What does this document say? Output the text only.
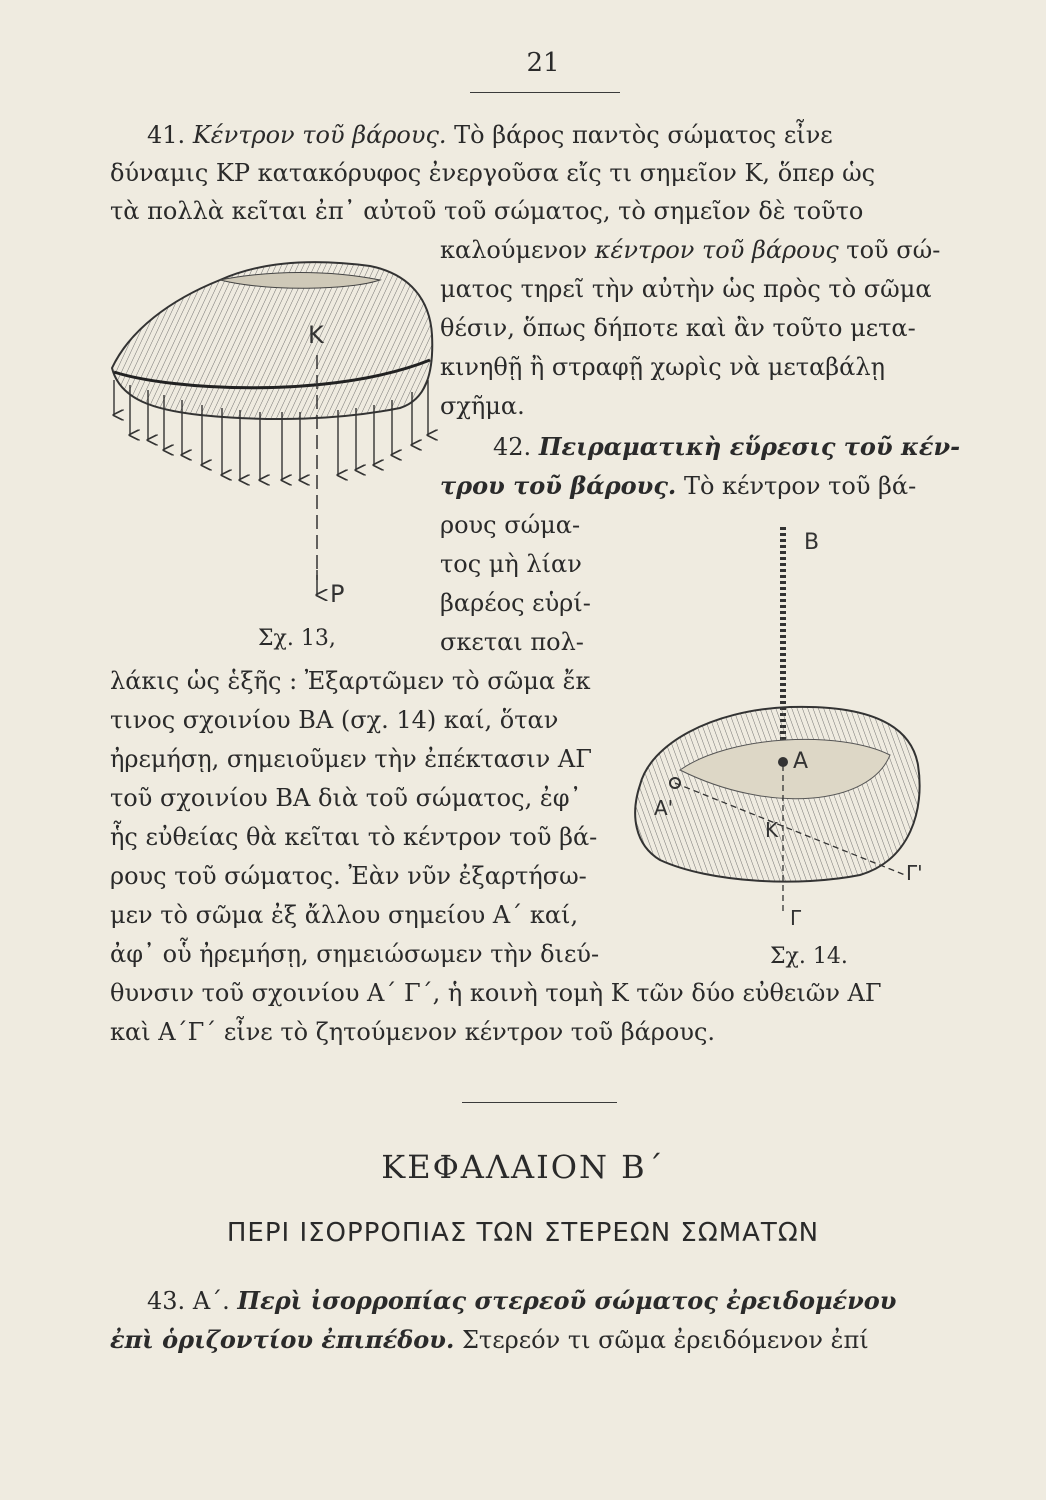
21
41. Κέντρον τοῦ βάρους. Τὸ βάρος παντὸς σώματος εἶνε
δύναμις ΚΡ κατακόρυφος ἐνεργοῦσα εἴς τι σημεῖον Κ, ὅπερ ὡς
τὰ πολλὰ κεῖται ἐπ᾽ αὐτοῦ τοῦ σώματος, τὸ σημεῖον δὲ τοῦτο
καλούμενον κέντρον τοῦ βάρους τοῦ σώ-
ματος τηρεῖ τὴν αὐτὴν ὡς πρὸς τὸ σῶμα
θέσιν, ὅπως δήποτε καὶ ἂν τοῦτο μετα-
κινηθῇ ἢ στραφῇ χωρὶς νὰ μεταβάλῃ
σχῆμα.
42. Πειραματικὴ εὕρεσις τοῦ κέν-
τρου τοῦ βάρους. Τὸ κέντρον τοῦ βά-
ρους σώμα-
τος μὴ λίαν
βαρέος εὑρί-
σκεται πολ-
λάκις ὡς ἑξῆς : Ἐξαρτῶμεν τὸ σῶμα ἔκ
τινος σχοινίου ΒΑ (σχ. 14) καί, ὅταν
ἠρεμήσῃ, σημειοῦμεν τὴν ἐπέκτασιν ΑΓ
τοῦ σχοινίου ΒΑ διὰ τοῦ σώματος, ἐφ᾽
ἧς εὐθείας θὰ κεῖται τὸ κέντρον τοῦ βά-
ρους τοῦ σώματος. Ἐὰν νῦν ἐξαρτήσω-
μεν τὸ σῶμα ἐξ ἄλλου σημείου Α΄ καί,
ἀφ᾽ οὗ ἠρεμήσῃ, σημειώσωμεν τὴν διεύ-
θυνσιν τοῦ σχοινίου Α΄ Γ΄, ἡ κοινὴ τομὴ Κ τῶν δύο εὐθειῶν ΑΓ
καὶ Α΄Γ΄ εἶνε τὸ ζητούμενον κέντρον τοῦ βάρους.
K
P
Σχ. 13,
B
A
A'
K
Γ'
Γ
Σχ. 14.
ΚΕΦΑΛΑΙΟΝ Β΄
ΠΕΡΙ ΙΣΟΡΡΟΠΙΑΣ ΤΩΝ ΣΤΕΡΕΩΝ ΣΩΜΑΤΩΝ
43. Α΄. Περὶ ἰσορροπίας στερεοῦ σώματος ἐρειδομένου
ἐπὶ ὁριζοντίου ἐπιπέδου. Στερεόν τι σῶμα ἐρειδόμενον ἐπί
